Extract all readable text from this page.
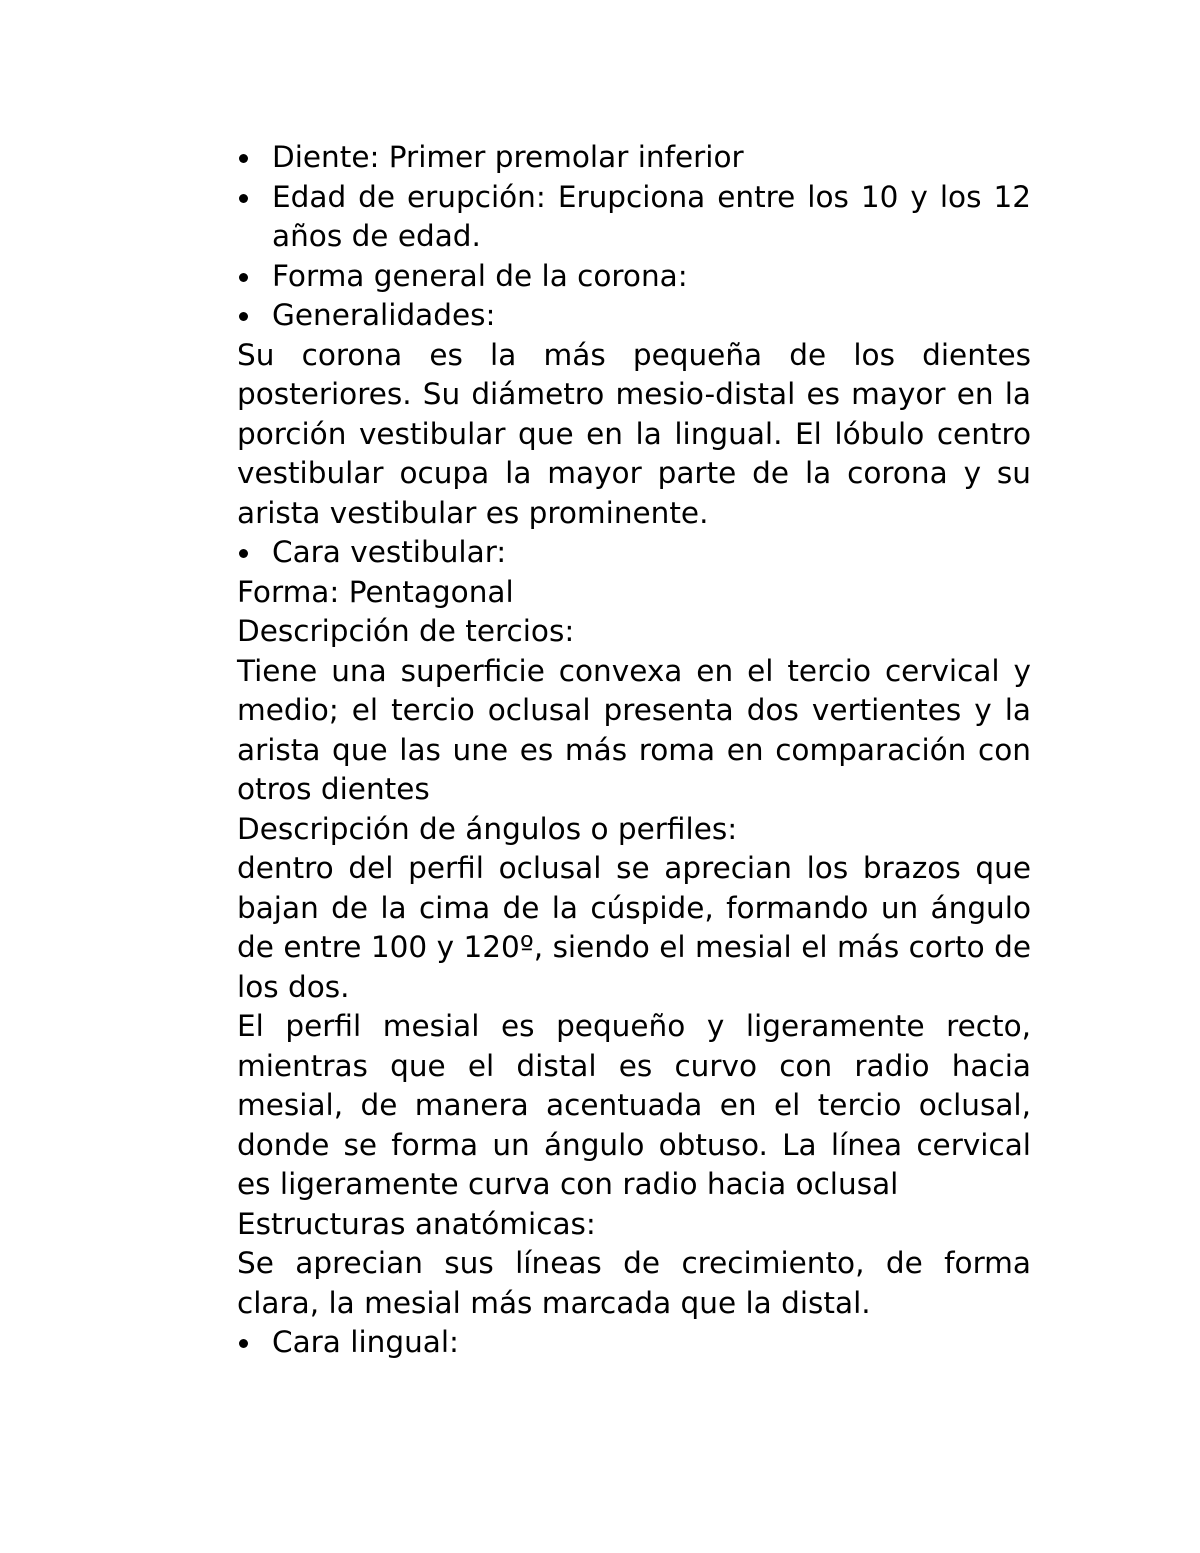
Diente: Primer premolar inferior
Edad de erupción: Erupciona entre los 10 y los 12 años de edad.
Forma general de la corona:
Generalidades:

Su corona es la más pequeña de los dientes posteriores. Su diámetro mesio-distal es mayor en la porción vestibular que en la lingual. El lóbulo centro vestibular ocupa la mayor parte de la corona y su arista vestibular es prominente.

Cara vestibular:

Forma: Pentagonal

Descripción de tercios:

Tiene una superficie convexa en el tercio cervical y medio; el tercio oclusal presenta dos vertientes y la arista que las une es más roma en comparación con otros dientes

Descripción de ángulos o perfiles:

dentro del perfil oclusal se aprecian los brazos que bajan de la cima de la cúspide, formando un ángulo de entre 100 y 120º, siendo el mesial el más corto de los dos.

El perfil mesial es pequeño y ligeramente recto, mientras que el distal es curvo con radio hacia mesial, de manera acentuada en el tercio oclusal, donde se forma un ángulo obtuso. La línea cervical es ligeramente curva con radio hacia oclusal

Estructuras anatómicas:

Se aprecian sus líneas de crecimiento, de forma clara, la mesial más marcada que la distal.

Cara lingual:
